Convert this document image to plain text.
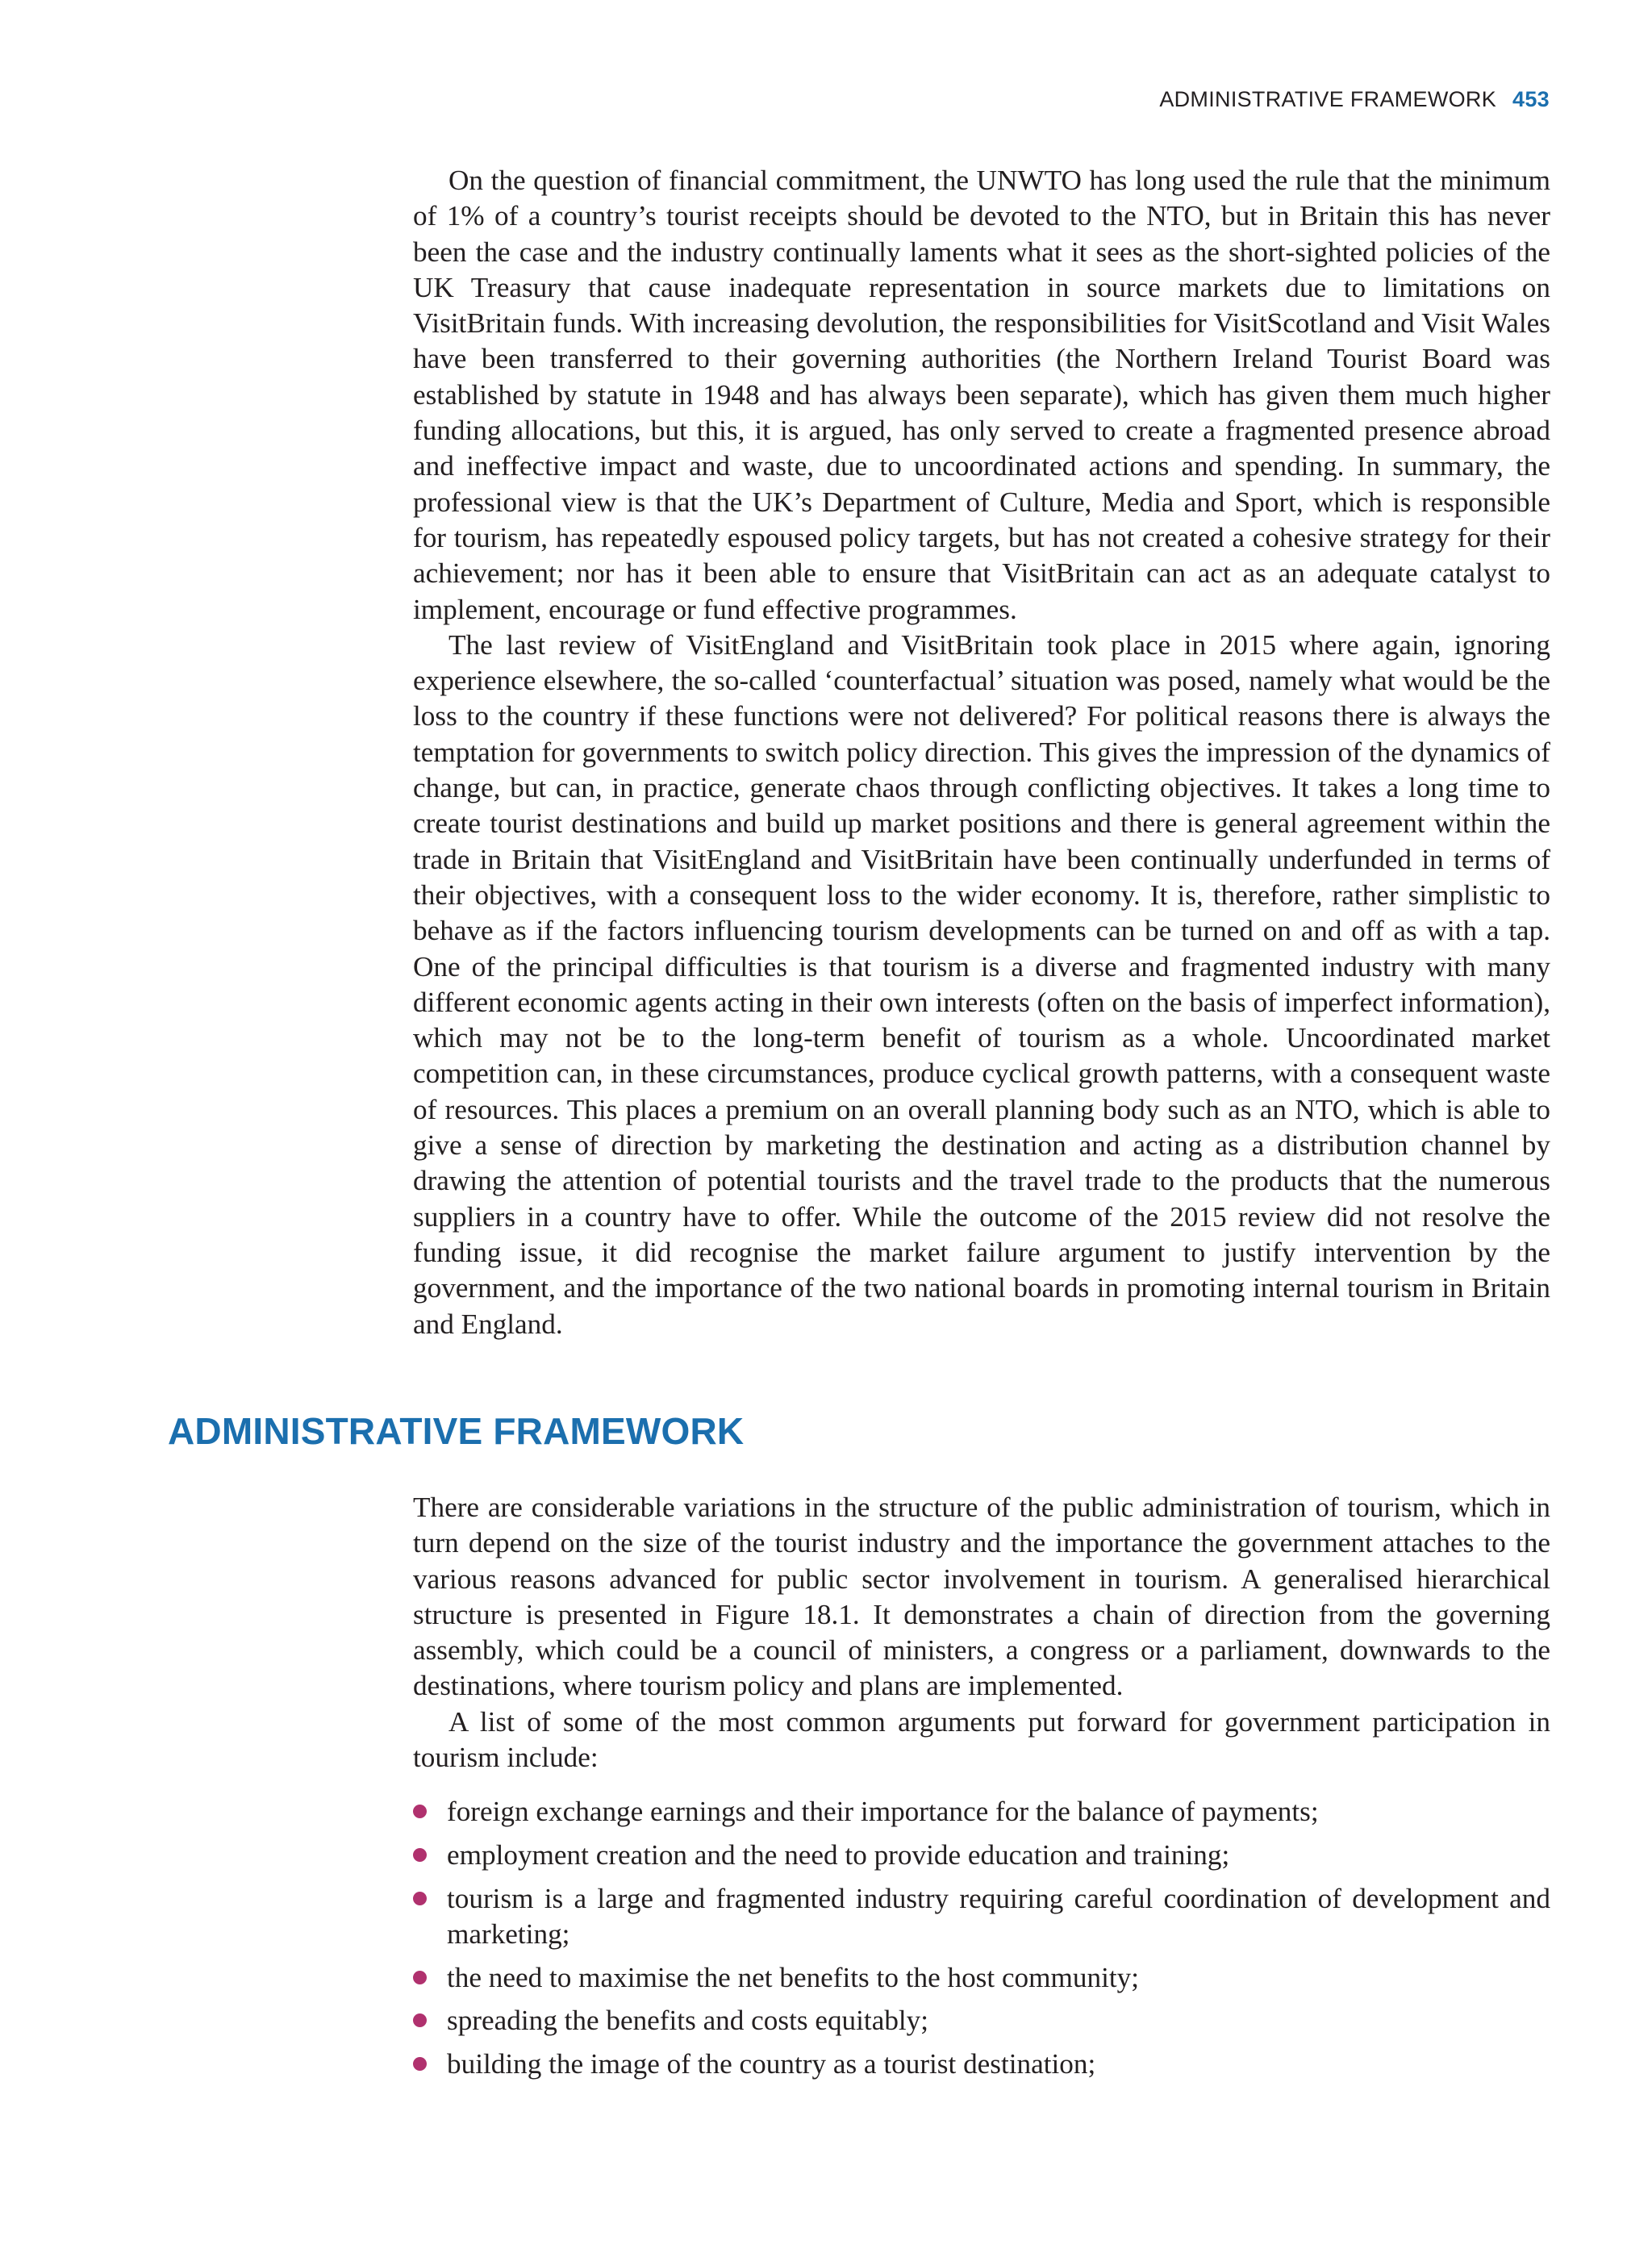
ADMINISTRATIVE FRAMEWORK 453

On the question of financial commitment, the UNWTO has long used the rule that the minimum of 1% of a country’s tourist receipts should be devoted to the NTO, but in Britain this has never been the case and the industry continually laments what it sees as the short-sighted policies of the UK Treasury that cause inadequate representation in source markets due to limitations on VisitBritain funds. With increasing devolution, the responsibilities for VisitScotland and Visit Wales have been transferred to their governing authorities (the Northern Ireland Tourist Board was established by statute in 1948 and has always been separate), which has given them much higher funding allocations, but this, it is argued, has only served to create a fragmented presence abroad and ineffective impact and waste, due to uncoordinated actions and spending. In summary, the professional view is that the UK’s Department of Culture, Media and Sport, which is responsible for tourism, has repeatedly espoused policy targets, but has not created a cohesive strategy for their achievement; nor has it been able to ensure that VisitBritain can act as an adequate catalyst to implement, encourage or fund effective programmes.

The last review of VisitEngland and VisitBritain took place in 2015 where again, ignoring experience elsewhere, the so-called ‘counterfactual’ situation was posed, namely what would be the loss to the country if these functions were not delivered? For political reasons there is always the temptation for governments to switch policy direction. This gives the impression of the dynamics of change, but can, in practice, generate chaos through conflicting objectives. It takes a long time to create tourist destinations and build up market positions and there is general agreement within the trade in Britain that VisitEngland and VisitBritain have been continually underfunded in terms of their objectives, with a consequent loss to the wider economy. It is, therefore, rather simplistic to behave as if the factors influencing tourism developments can be turned on and off as with a tap. One of the principal difficulties is that tourism is a diverse and fragmented industry with many different economic agents acting in their own interests (often on the basis of imperfect information), which may not be to the long-term benefit of tourism as a whole. Uncoordinated market competition can, in these circumstances, produce cyclical growth patterns, with a consequent waste of resources. This places a premium on an overall planning body such as an NTO, which is able to give a sense of direction by marketing the destination and acting as a distribution channel by drawing the attention of potential tourists and the travel trade to the products that the numerous suppliers in a country have to offer. While the outcome of the 2015 review did not resolve the funding issue, it did recognise the market failure argument to justify intervention by the government, and the importance of the two national boards in promoting internal tourism in Britain and England.

ADMINISTRATIVE FRAMEWORK

There are considerable variations in the structure of the public administration of tourism, which in turn depend on the size of the tourist industry and the importance the government attaches to the various reasons advanced for public sector involvement in tourism. A generalised hierarchical structure is presented in Figure 18.1. It demonstrates a chain of direction from the governing assembly, which could be a council of ministers, a congress or a parliament, downwards to the destinations, where tourism policy and plans are implemented.

A list of some of the most common arguments put forward for government participation in tourism include:

foreign exchange earnings and their importance for the balance of payments;
employment creation and the need to provide education and training;
tourism is a large and fragmented industry requiring careful coordination of development and marketing;
the need to maximise the net benefits to the host community;
spreading the benefits and costs equitably;
building the image of the country as a tourist destination;
